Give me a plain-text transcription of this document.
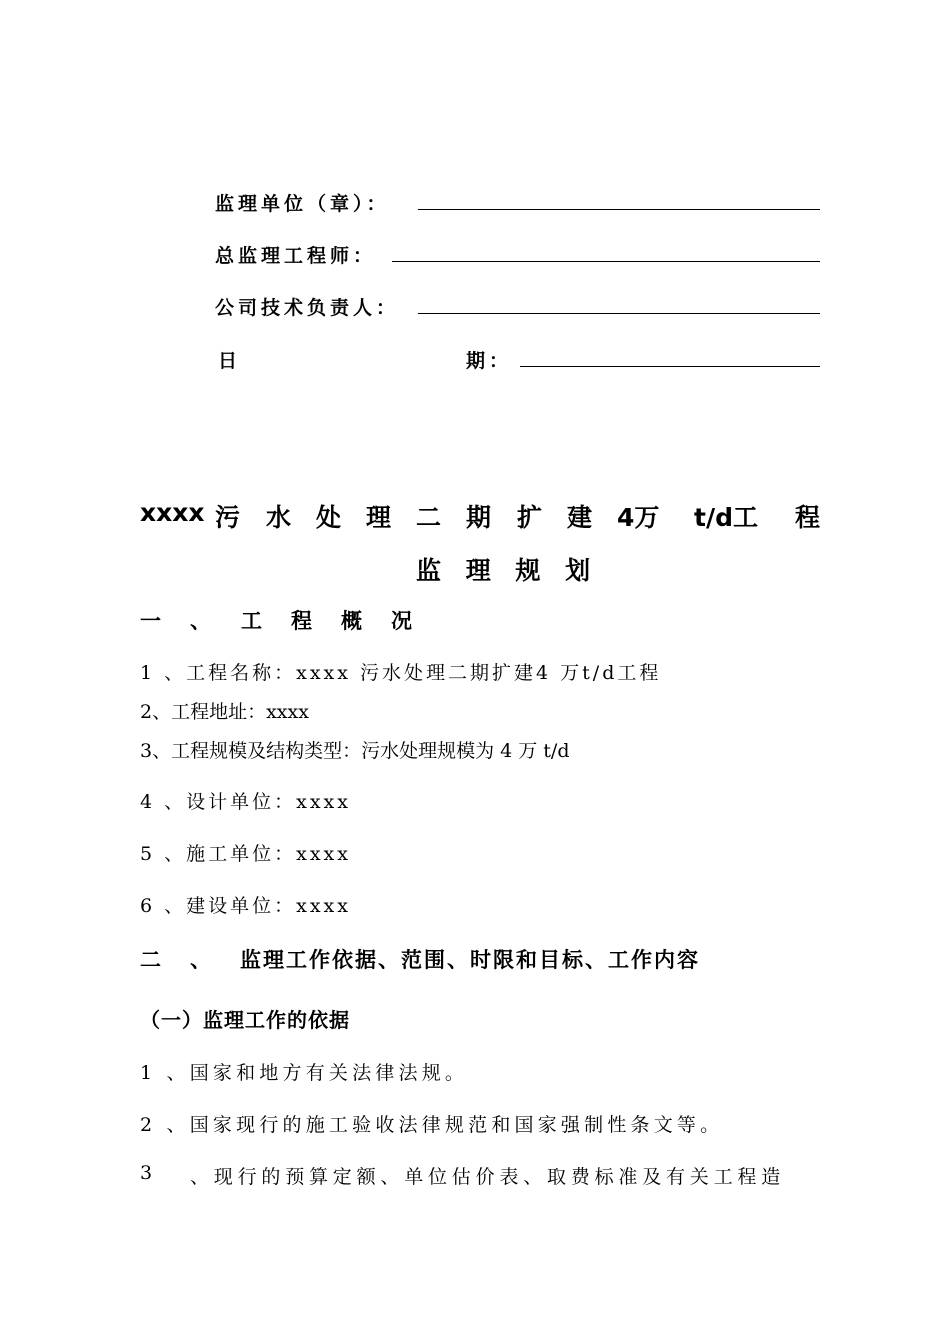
监理单位（章）：
总监理工程师：
公司技术负责人：
日	期：
xxxx 污 水 处 理 二 期 扩 建 4万 t/d工 程
监 理 规 划
一 、 工 程 概 况
1 、工程名称：xxxx 污水处理二期扩建4 万t/d工程
2、工程地址：xxxx
3、工程规模及结构类型：污水处理规模为 4 万 t/d
4 、设计单位：xxxx
5 、施工单位：xxxx
6 、建设单位：xxxx
二 、 监理工作依据、范围、时限和目标、工作内容
（一）监理工作的依据
1 、国家和地方有关法律法规。
2 、国家现行的施工验收法律规范和国家强制性条文等。
3 、现行的预算定额、单位估价表、取费标准及有关工程造
